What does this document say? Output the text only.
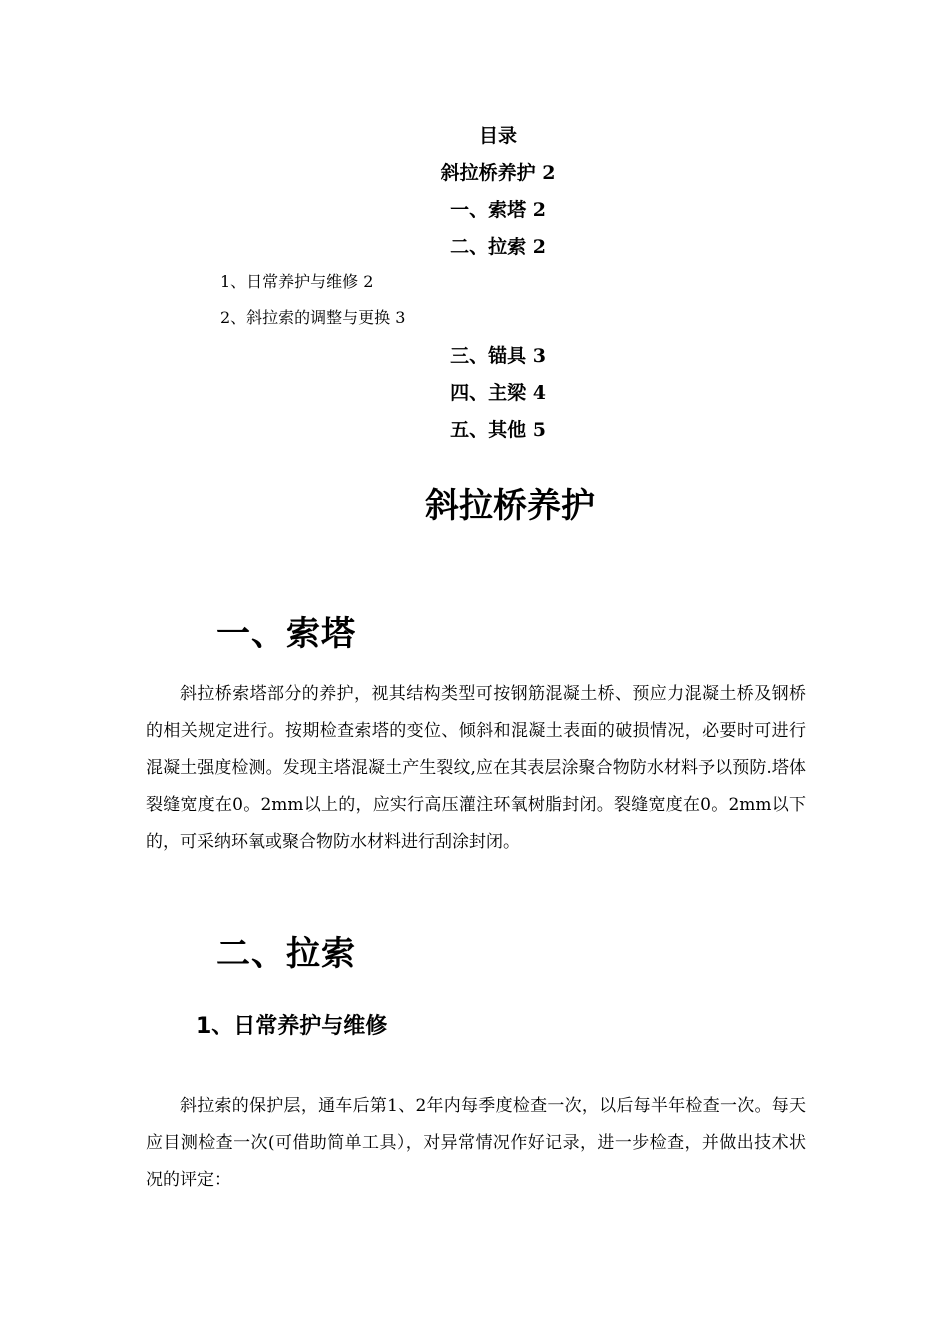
目录
斜拉桥养护 2
一、索塔 2
二、拉索 2
1、日常养护与维修 2
2、斜拉索的调整与更换 3
三、锚具 3
四、主梁 4
五、其他 5
斜拉桥养护
一、索塔
斜拉桥索塔部分的养护，视其结构类型可按钢筋混凝土桥、预应力混凝土桥及钢桥的相关规定进行。按期检查索塔的变位、倾斜和混凝土表面的破损情况，必要时可进行混凝土强度检测。发现主塔混凝土产生裂纹,应在其表层涂聚合物防水材料予以预防.塔体裂缝宽度在0。2mm以上的，应实行高压灌注环氧树脂封闭。裂缝宽度在0。2mm以下的，可采纳环氧或聚合物防水材料进行刮涂封闭。
二、拉索
1、日常养护与维修
斜拉索的保护层，通车后第1、2年内每季度检查一次，以后每半年检查一次。每天应目测检查一次(可借助简单工具），对异常情况作好记录，进一步检查，并做出技术状况的评定：
